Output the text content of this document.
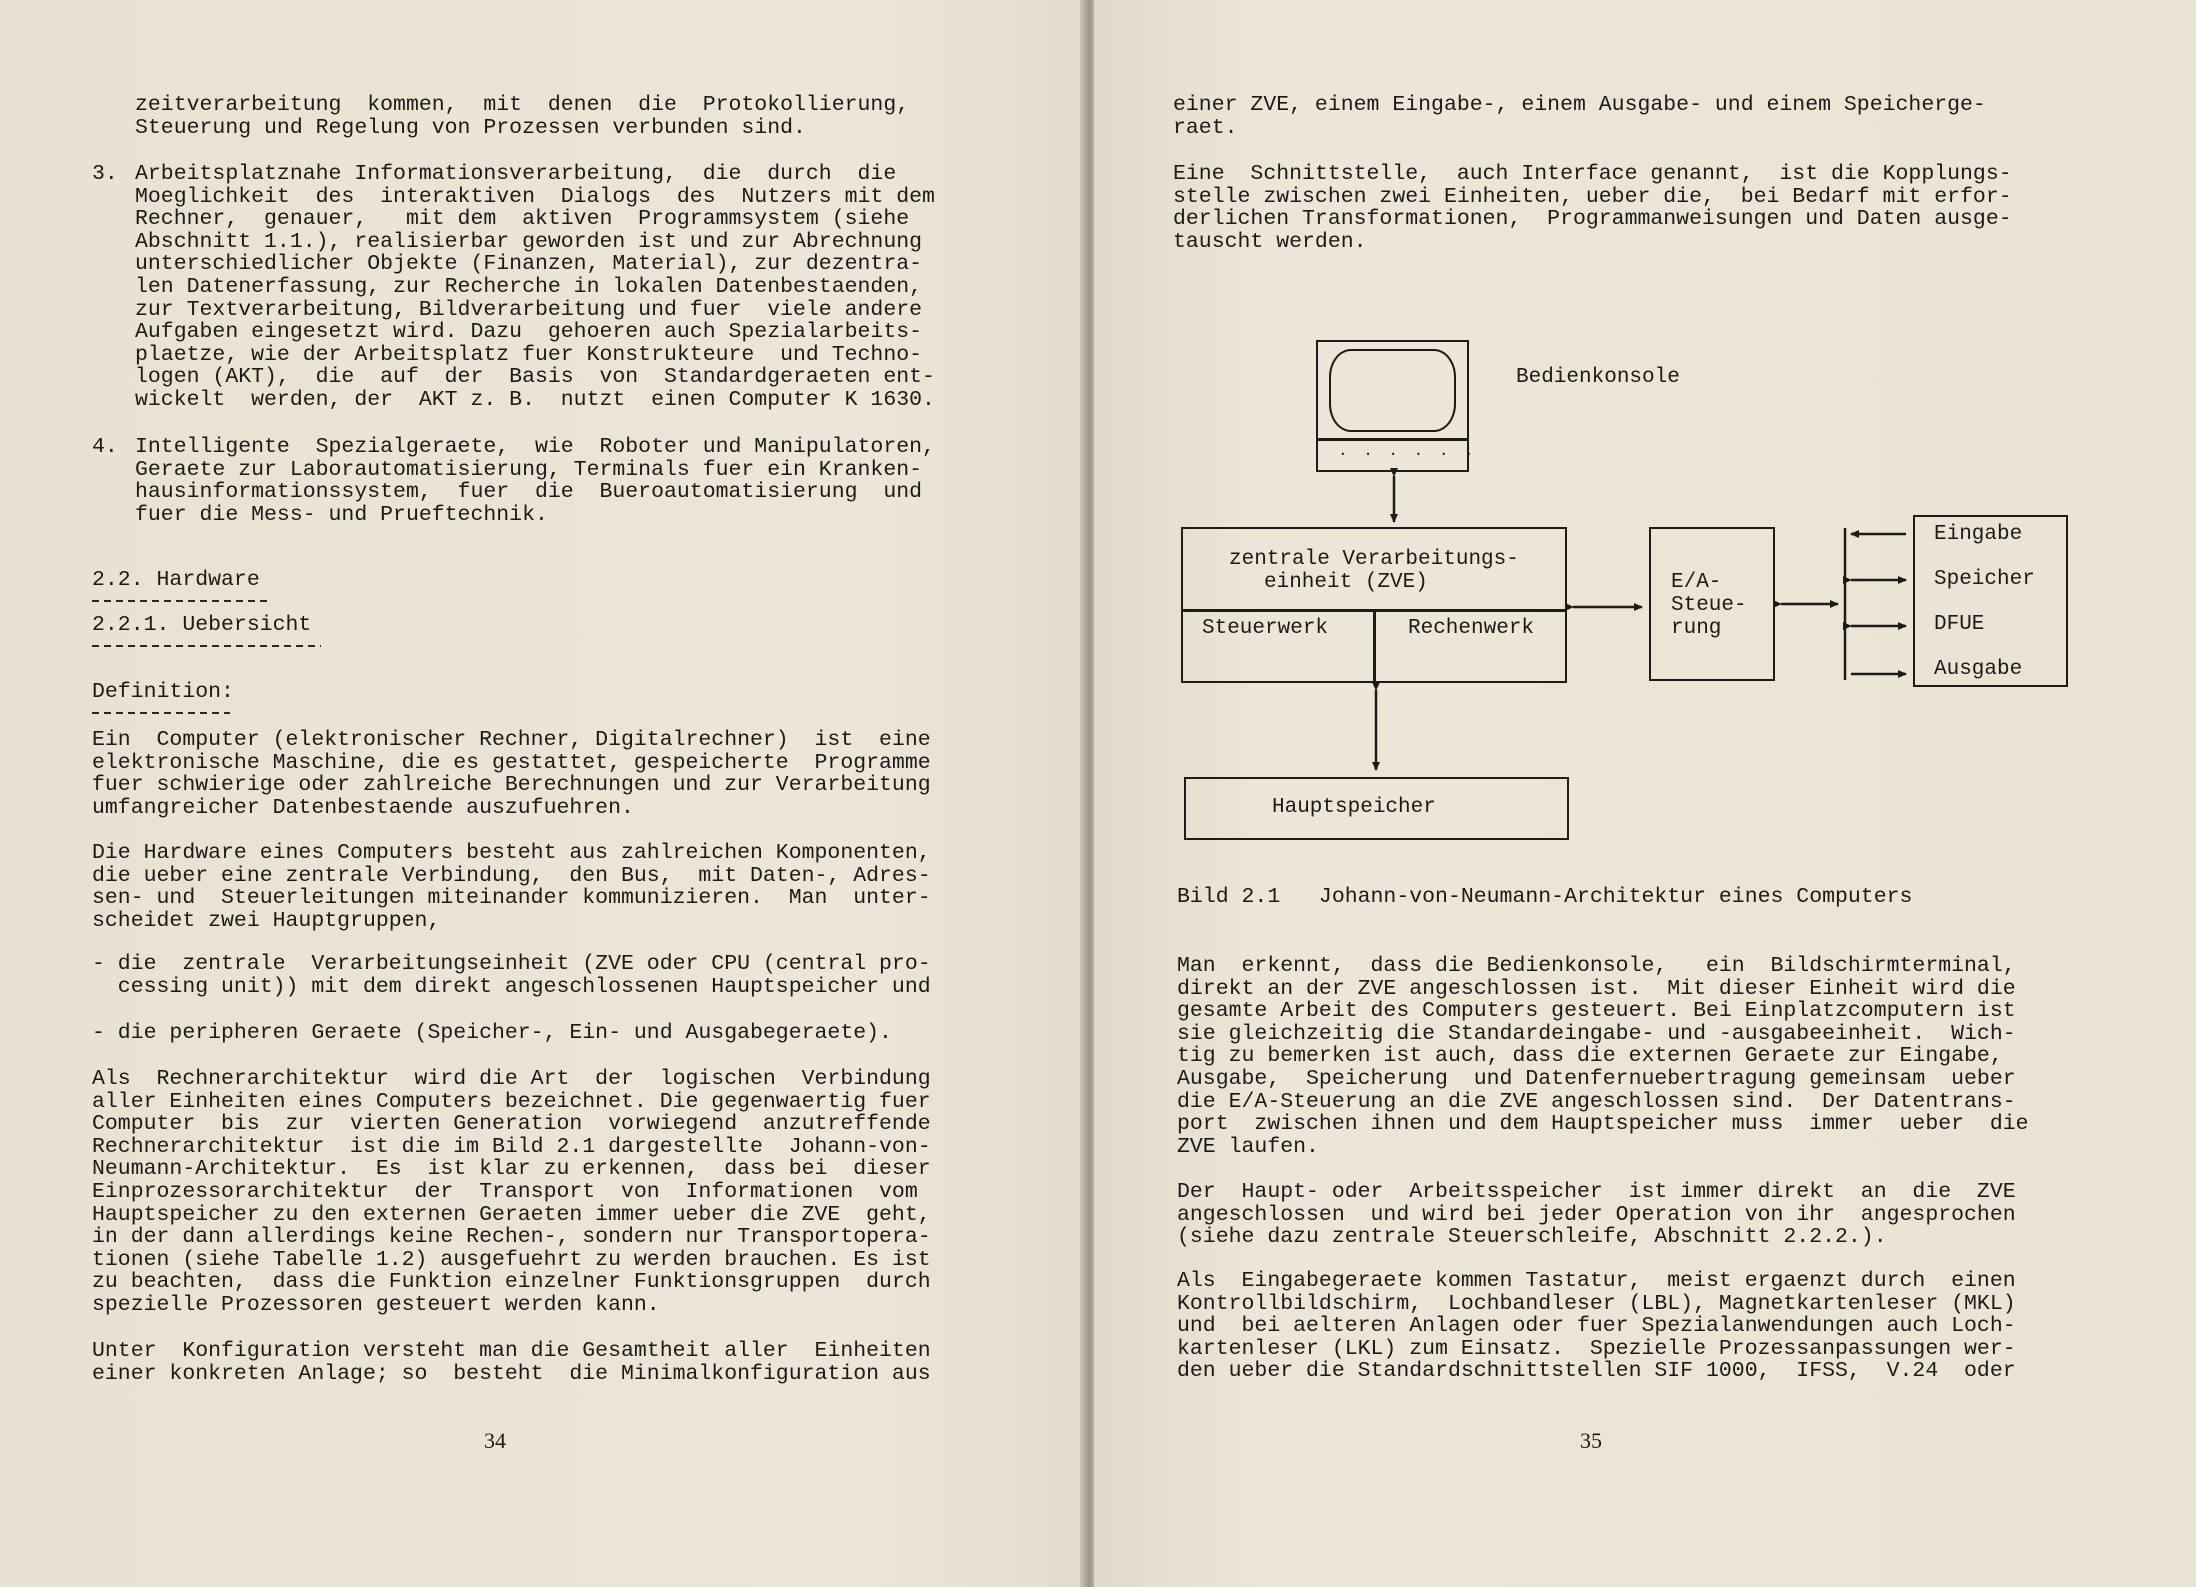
zeitverarbeitung  kommen,  mit  denen  die  Protokollierung,
Steuerung und Regelung von Prozessen verbunden sind.
3. Arbeitsplatznahe Informationsverarbeitung,  die  durch  die
Moeglichkeit  des  interaktiven  Dialogs  des  Nutzers mit dem
Rechner,  genauer,   mit dem  aktiven  Programmsystem (siehe
Abschnitt 1.1.), realisierbar geworden ist und zur Abrechnung
unterschiedlicher Objekte (Finanzen, Material), zur dezentra-
len Datenerfassung, zur Recherche in lokalen Datenbestaenden,
zur Textverarbeitung, Bildverarbeitung und fuer  viele andere
Aufgaben eingesetzt wird. Dazu  gehoeren auch Spezialarbeits-
plaetze, wie der Arbeitsplatz fuer Konstrukteure  und Techno-
logen (AKT),  die  auf  der  Basis  von  Standardgeraeten ent-
wickelt  werden, der  AKT z. B.  nutzt  einen Computer K 1630.
4. Intelligente  Spezialgeraete,  wie  Roboter und Manipulatoren,
Geraete zur Laborautomatisierung, Terminals fuer ein Kranken-
hausinformationssystem,  fuer  die  Bueroautomatisierung  und
fuer die Mess- und Prueftechnik.
2.2. Hardware
2.2.1. Uebersicht
Definition:
Ein  Computer (elektronischer Rechner, Digitalrechner)  ist  eine
elektronische Maschine, die es gestattet, gespeicherte  Programme
fuer schwierige oder zahlreiche Berechnungen und zur Verarbeitung
umfangreicher Datenbestaende auszufuehren.
Die Hardware eines Computers besteht aus zahlreichen Komponenten,
die ueber eine zentrale Verbindung,  den Bus,  mit Daten-, Adres-
sen- und  Steuerleitungen miteinander kommunizieren.  Man  unter-
scheidet zwei Hauptgruppen,
- die  zentrale  Verarbeitungseinheit (ZVE oder CPU (central pro-
cessing unit)) mit dem direkt angeschlossenen Hauptspeicher und
- die peripheren Geraete (Speicher-, Ein- und Ausgabegeraete).
Als  Rechnerarchitektur  wird die Art  der  logischen  Verbindung
aller Einheiten eines Computers bezeichnet. Die gegenwaertig fuer
Computer  bis  zur  vierten Generation  vorwiegend  anzutreffende
Rechnerarchitektur  ist die im Bild 2.1 dargestellte  Johann-von-
Neumann-Architektur.  Es  ist klar zu erkennen,  dass bei  dieser
Einprozessorarchitektur  der  Transport  von  Informationen  vom
Hauptspeicher zu den externen Geraeten immer ueber die ZVE  geht,
in der dann allerdings keine Rechen-, sondern nur Transportopera-
tionen (siehe Tabelle 1.2) ausgefuehrt zu werden brauchen. Es ist
zu beachten,  dass die Funktion einzelner Funktionsgruppen  durch
spezielle Prozessoren gesteuert werden kann.
Unter  Konfiguration versteht man die Gesamtheit aller  Einheiten
einer konkreten Anlage; so  besteht  die Minimalkonfiguration aus
34
einer ZVE, einem Eingabe-, einem Ausgabe- und einem Speicherge-
raet.
Eine  Schnittstelle,  auch Interface genannt,  ist die Kopplungs-
stelle zwischen zwei Einheiten, ueber die,  bei Bedarf mit erfor-
derlichen Transformationen,  Programmanweisungen und Daten ausge-
tauscht werden.
. . . . . .
Bedienkonsole
zentrale Verarbeitungs-
einheit (ZVE)
Steuerwerk	Rechenwerk
E/A-
Steue-
rung
Eingabe
Speicher
DFUE
Ausgabe
Hauptspeicher
Bild 2.1   Johann-von-Neumann-Architektur eines Computers
Man  erkennt,  dass die Bedienkonsole,   ein  Bildschirmterminal,
direkt an der ZVE angeschlossen ist.  Mit dieser Einheit wird die
gesamte Arbeit des Computers gesteuert. Bei Einplatzcomputern ist
sie gleichzeitig die Standardeingabe- und -ausgabeeinheit.  Wich-
tig zu bemerken ist auch, dass die externen Geraete zur Eingabe,
Ausgabe,  Speicherung  und Datenfernuebertragung gemeinsam  ueber
die E/A-Steuerung an die ZVE angeschlossen sind.  Der Datentrans-
port  zwischen ihnen und dem Hauptspeicher muss  immer  ueber  die
ZVE laufen.
Der  Haupt- oder  Arbeitsspeicher  ist immer direkt  an  die  ZVE
angeschlossen  und wird bei jeder Operation von ihr  angesprochen
(siehe dazu zentrale Steuerschleife, Abschnitt 2.2.2.).
Als  Eingabegeraete kommen Tastatur,  meist ergaenzt durch  einen
Kontrollbildschirm,  Lochbandleser (LBL), Magnetkartenleser (MKL)
und  bei aelteren Anlagen oder fuer Spezialanwendungen auch Loch-
kartenleser (LKL) zum Einsatz.  Spezielle Prozessanpassungen wer-
den ueber die Standardschnittstellen SIF 1000,  IFSS,  V.24  oder
35
